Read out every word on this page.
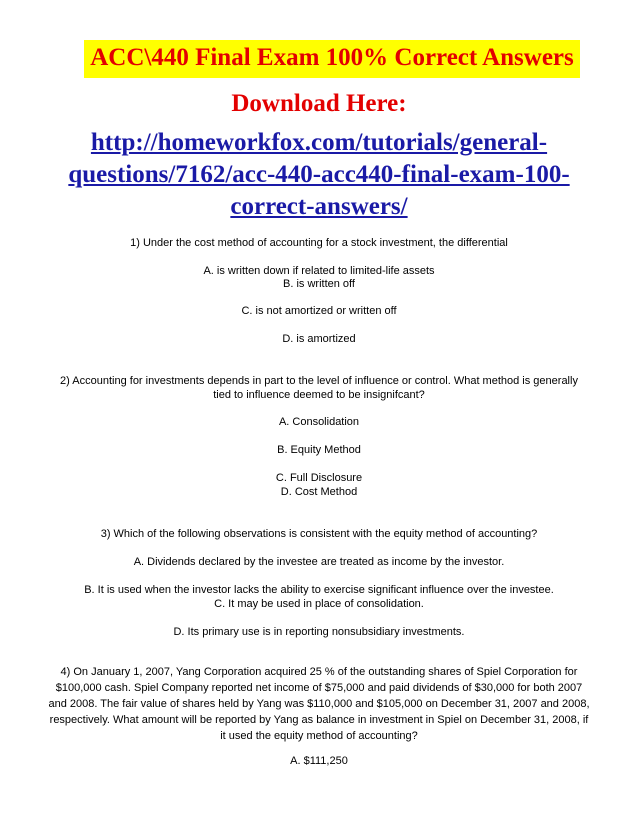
ACC\440 Final Exam 100% Correct Answers
Download Here:
http://homeworkfox.com/tutorials/general-questions/7162/acc-440-acc440-final-exam-100-correct-answers/
1) Under the cost method of accounting for a stock investment, the differential
A. is written down if related to limited-life assets
B. is written off
C. is not amortized or written off
D. is amortized
2) Accounting for investments depends in part to the level of influence or control. What method is generally
tied to influence deemed to be insignifcant?
A. Consolidation
B. Equity Method
C. Full Disclosure
D. Cost Method
3) Which of the following observations is consistent with the equity method of accounting?
A. Dividends declared by the investee are treated as income by the investor.
B. It is used when the investor lacks the ability to exercise significant influence over the investee.
C. It may be used in place of consolidation.
D. Its primary use is in reporting nonsubsidiary investments.
4) On January 1, 2007, Yang Corporation acquired 25 % of the outstanding shares of Spiel Corporation for
$100,000 cash. Spiel Company reported net income of $75,000 and paid dividends of $30,000 for both 2007
and 2008. The fair value of shares held by Yang was $110,000 and $105,000 on December 31, 2007 and 2008,
respectively. What amount will be reported by Yang as balance in investment in Spiel on December 31, 2008, if
it used the equity method of accounting?
A. $111,250
